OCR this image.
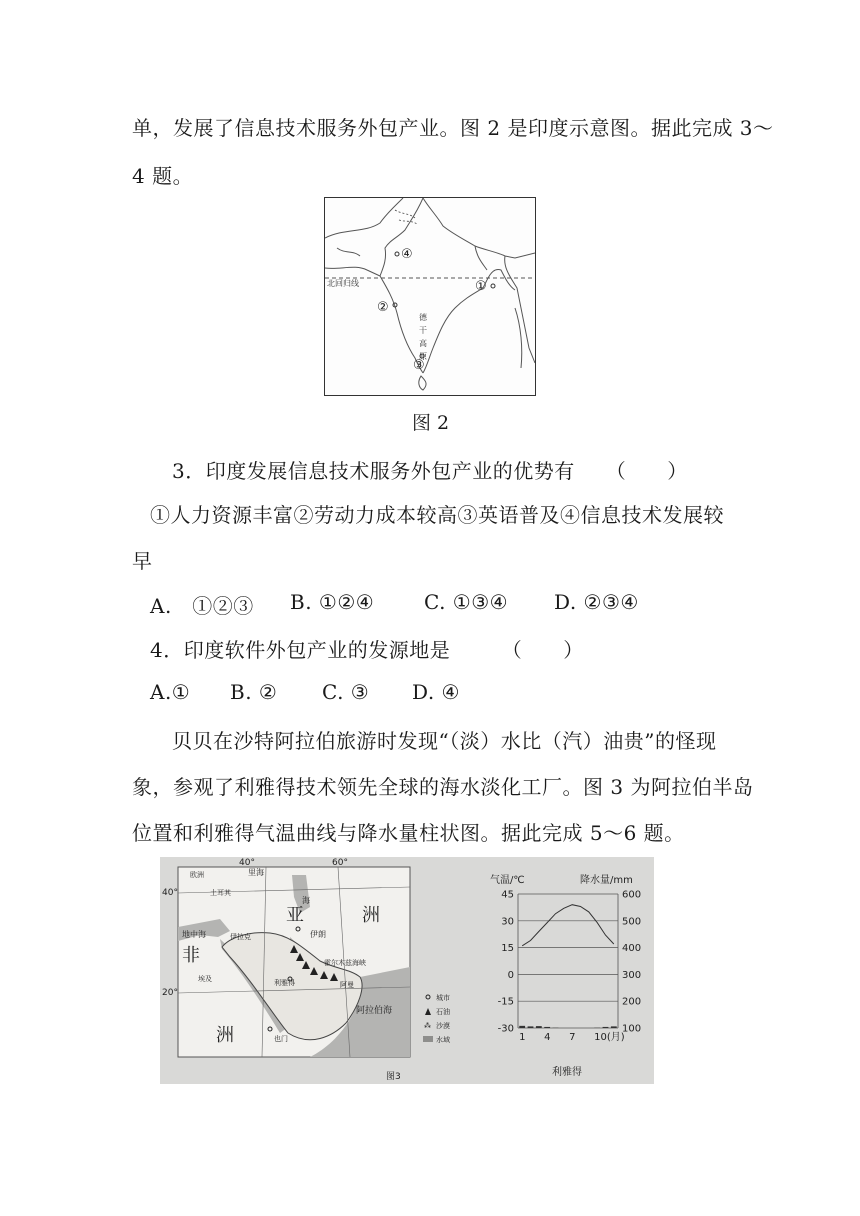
单，发展了信息技术服务外包产业。图 2 是印度示意图。据此完成 3～
4 题。
北回归线
④
①
②
③
德
干
高
原
图 2
3．印度发展信息技术服务外包产业的优势有　　（　　）
①人力资源丰富②劳动力成本较高③英语普及④信息技术发展较
早
A.　①②③ B. ①②④ C. ①③④ D. ②③④
4．印度软件外包产业的发源地是　　　（　　）
A.① B. ② C. ③ D. ④
贝贝在沙特阿拉伯旅游时发现“（淡）水比（汽）油贵”的怪现
象，参观了利雅得技术领先全球的海水淡化工厂。图 3 为阿拉伯半岛
位置和利雅得气温曲线与降水量柱状图。据此完成 5～6 题。
40°	60°
40°
20°
欧洲	里海
土耳其
亚	洲
地中海	伊拉克	伊朗
非
洲
埃及	利雅得
霍尔木兹海峡
阿曼
也门
阿拉伯海
海
城市
石油
⁂ 沙漠
水域
气温/℃	降水量/mm
45	600
30	500
15	400
0	300
-15	200
-30	100
1 4 7 10(月)
利雅得
图3
